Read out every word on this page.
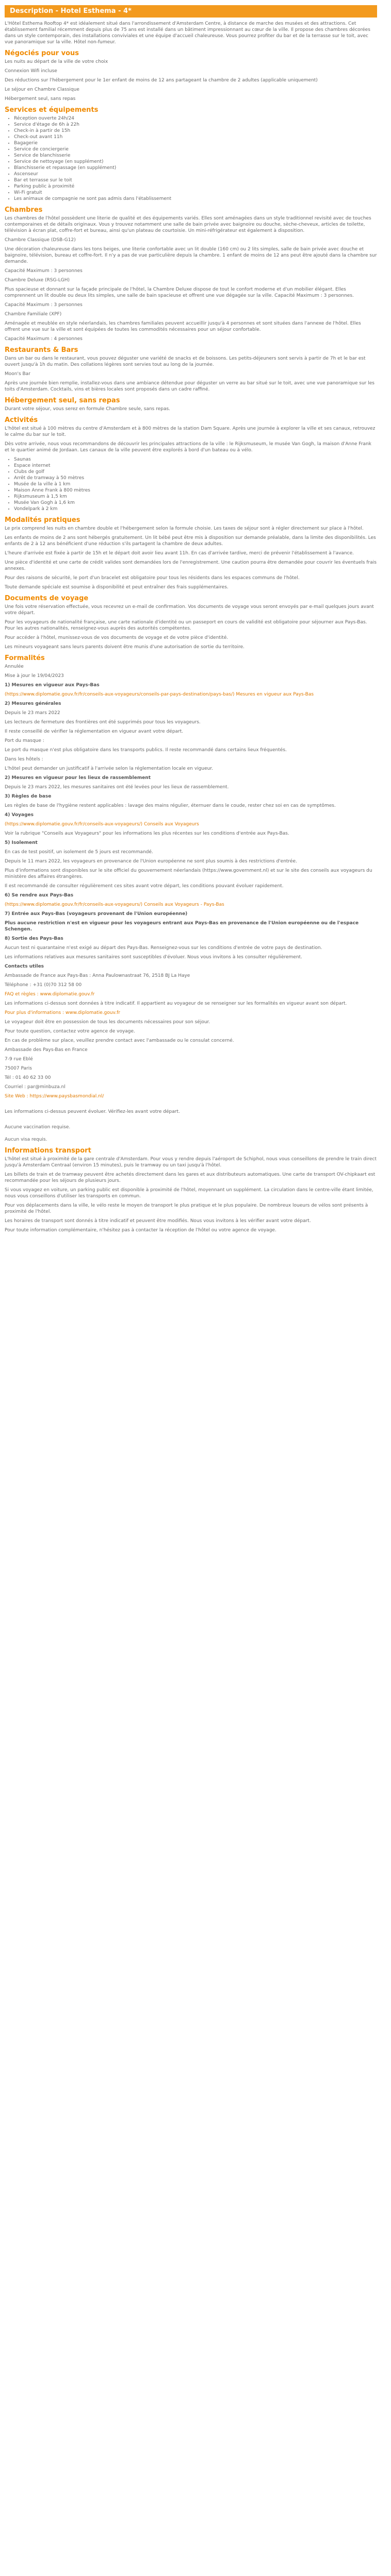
Description - Hotel Esthema - 4*

L'Hôtel Esthema Rooftop 4* est idéalement situé dans l'arrondissement d'Amsterdam Centre, à distance de marche des musées et des attractions. Cet établissement familial récemment depuis plus de 75 ans est installé dans un bâtiment impressionnant au cœur de la ville. Il propose des chambres décorées dans un style contemporain, des installations conviviales et une équipe d'accueil chaleureuse. Vous pourrez profiter du bar et de la terrasse sur le toit, avec vue panoramique sur la ville. Hôtel non-fumeur.

Négociés pour vous

Les nuits au départ de la ville de votre choix

Connexion Wifi incluse

Des réductions sur l'hébergement pour le 1er enfant de moins de 12 ans partageant la chambre de 2 adultes (applicable uniquement)

Le séjour en Chambre Classique

Hébergement seul, sans repas

Services et équipements
• Réception ouverte 24h/24
• Service d'étage de 6h à 22h
• Check-in à partir de 15h
• Check-out avant 11h
• Bagagerie
• Service de conciergerie
• Service de blanchisserie
• Service de nettoyage (en supplément)
• Blanchisserie et repassage (en supplément)
• Ascenseur
• Bar et terrasse sur le toit
• Parking public à proximité
• Wi-Fi gratuit
• Les animaux de compagnie ne sont pas admis dans l'établissement
Chambres

Les chambres de l'hôtel possèdent une literie de qualité et des équipements variés. Elles sont aménagées dans un style traditionnel revisité avec de touches contemporaines et de détails originaux. Vous y trouvez notamment une salle de bain privée avec baignoire ou douche, sèche-cheveux, articles de toilette, télévision à écran plat, coffre-fort et bureau, ainsi qu'un plateau de courtoisie. Un mini-réfrigérateur est également à disposition.

Chambre Classique (DSB-G12)

Une décoration chaleureuse dans les tons beiges, une literie confortable avec un lit double (160 cm) ou 2 lits simples, salle de bain privée avec douche et baignoire, télévision, bureau et coffre-fort. Il n'y a pas de vue particulière depuis la chambre. 1 enfant de moins de 12 ans peut être ajouté dans la chambre sur demande.

Capacité Maximum : 3 personnes

Chambre Deluxe (RSG-LGH)

Plus spacieuse et donnant sur la façade principale de l'hôtel, la Chambre Deluxe dispose de tout le confort moderne et d'un mobilier élégant. Elles comprennent un lit double ou deux lits simples, une salle de bain spacieuse et offrent une vue dégagée sur la ville. Capacité Maximum : 3 personnes.

Capacité Maximum : 3 personnes

Chambre Familiale (XPF)

Aménagée et meublée en style néerlandais, les chambres familiales peuvent accueillir jusqu'à 4 personnes et sont situées dans l'annexe de l'hôtel. Elles offrent une vue sur la ville et sont équipées de toutes les commodités nécessaires pour un séjour confortable.

Capacité Maximum : 4 personnes

Restaurants & Bars

Dans un bar ou dans le restaurant, vous pouvez déguster une variété de snacks et de boissons. Les petits-déjeuners sont servis à partir de 7h et le bar est ouvert jusqu'à 1h du matin. Des collations légères sont servies tout au long de la journée.

Moon's Bar

Après une journée bien remplie, installez-vous dans une ambiance détendue pour déguster un verre au bar situé sur le toit, avec une vue panoramique sur les toits d'Amsterdam. Cocktails, vins et bières locales sont proposés dans un cadre raffiné.

Hébergement seul, sans repas

Durant votre séjour, vous serez en formule Chambre seule, sans repas.

Activités

L'hôtel est situé à 100 mètres du centre d'Amsterdam et à 800 mètres de la station Dam Square. Après une journée à explorer la ville et ses canaux, retrouvez le calme du bar sur le toit.

Dès votre arrivée, nous vous recommandons de découvrir les principales attractions de la ville : le Rijksmuseum, le musée Van Gogh, la maison d'Anne Frank et le quartier animé de Jordaan. Les canaux de la ville peuvent être explorés à bord d'un bateau ou à vélo.

• Saunas
• Espace internet
• Clubs de golf
• Arrêt de tramway à 50 mètres
• Musée de la ville à 1 km
• Maison Anne Frank à 800 mètres
• Rijksmuseum à 1,5 km
• Musée Van Gogh à 1,6 km
• Vondelpark à 2 km
Modalités pratiques

Le prix comprend les nuits en chambre double et l'hébergement selon la formule choisie. Les taxes de séjour sont à régler directement sur place à l'hôtel.

Les enfants de moins de 2 ans sont hébergés gratuitement. Un lit bébé peut être mis à disposition sur demande préalable, dans la limite des disponibilités. Les enfants de 2 à 12 ans bénéficient d'une réduction s'ils partagent la chambre de deux adultes.

L'heure d'arrivée est fixée à partir de 15h et le départ doit avoir lieu avant 11h. En cas d'arrivée tardive, merci de prévenir l'établissement à l'avance.

Une pièce d'identité et une carte de crédit valides sont demandées lors de l'enregistrement. Une caution pourra être demandée pour couvrir les éventuels frais annexes.

Pour des raisons de sécurité, le port d'un bracelet est obligatoire pour tous les résidents dans les espaces communs de l'hôtel.

Toute demande spéciale est soumise à disponibilité et peut entraîner des frais supplémentaires.

Documents de voyage

Une fois votre réservation effectuée, vous recevrez un e-mail de confirmation. Vos documents de voyage vous seront envoyés par e-mail quelques jours avant votre départ.

Pour les voyageurs de nationalité française, une carte nationale d'identité ou un passeport en cours de validité est obligatoire pour séjourner aux Pays-Bas. Pour les autres nationalités, renseignez-vous auprès des autorités compétentes.

Pour accéder à l'hôtel, munissez-vous de vos documents de voyage et de votre pièce d'identité.

Les mineurs voyageant sans leurs parents doivent être munis d'une autorisation de sortie du territoire.

Formalités

Annulée

Mise à jour le 19/04/2023

1) Mesures en vigueur aux Pays-Bas

(https://www.diplomatie.gouv.fr/fr/conseils-aux-voyageurs/conseils-par-pays-destination/pays-bas/) Mesures en vigueur aux Pays-Bas

2) Mesures générales

Depuis le 23 mars 2022

Les lecteurs de fermeture des frontières ont été supprimés pour tous les voyageurs.

Il reste conseillé de vérifier la réglementation en vigueur avant votre départ.

Port du masque :

Le port du masque n'est plus obligatoire dans les transports publics. Il reste recommandé dans certains lieux fréquentés.

Dans les hôtels :

L'hôtel peut demander un justificatif à l'arrivée selon la réglementation locale en vigueur.

2) Mesures en vigueur pour les lieux de rassemblement

Depuis le 23 mars 2022, les mesures sanitaires ont été levées pour les lieux de rassemblement.

3) Règles de base

Les règles de base de l'hygiène restent applicables : lavage des mains régulier, éternuer dans le coude, rester chez soi en cas de symptômes.

4) Voyages

(https://www.diplomatie.gouv.fr/fr/conseils-aux-voyageurs/) Conseils aux Voyageurs

Voir la rubrique "Conseils aux Voyageurs" pour les informations les plus récentes sur les conditions d'entrée aux Pays-Bas.

5) Isolement

En cas de test positif, un isolement de 5 jours est recommandé.

Depuis le 11 mars 2022, les voyageurs en provenance de l'Union européenne ne sont plus soumis à des restrictions d'entrée.

Plus d'informations sont disponibles sur le site officiel du gouvernement néerlandais (https://www.government.nl) et sur le site des conseils aux voyageurs du ministère des affaires étrangères.

Il est recommandé de consulter régulièrement ces sites avant votre départ, les conditions pouvant évoluer rapidement.

6) Se rendre aux Pays-Bas

(https://www.diplomatie.gouv.fr/fr/conseils-aux-voyageurs/) Conseils aux Voyageurs - Pays-Bas

7) Entrée aux Pays-Bas (voyageurs provenant de l'Union européenne)

Plus aucune restriction n'est en vigueur pour les voyageurs entrant aux Pays-Bas en provenance de l'Union européenne ou de l'espace Schengen.

8) Sortie des Pays-Bas

Aucun test ni quarantaine n'est exigé au départ des Pays-Bas. Renseignez-vous sur les conditions d'entrée de votre pays de destination.

Les informations relatives aux mesures sanitaires sont susceptibles d'évoluer. Nous vous invitons à les consulter régulièrement.

Contacts utiles

Ambassade de France aux Pays-Bas : Anna Paulownastraat 76, 2518 BJ La Haye

Téléphone : +31 (0)70 312 58 00

FAQ et règles : www.diplomatie.gouv.fr

Les informations ci-dessus sont données à titre indicatif. Il appartient au voyageur de se renseigner sur les formalités en vigueur avant son départ.

Pour plus d'informations : www.diplomatie.gouv.fr

Le voyageur doit être en possession de tous les documents nécessaires pour son séjour.

Pour toute question, contactez votre agence de voyage.

En cas de problème sur place, veuillez prendre contact avec l'ambassade ou le consulat concerné.

Ambassade des Pays-Bas en France

7-9 rue Eblé

75007 Paris

Tél : 01 40 62 33 00

Courriel : par@minbuza.nl

Site Web : https://www.paysbasmondial.nl/

Les informations ci-dessus peuvent évoluer. Vérifiez-les avant votre départ.

Aucune vaccination requise.

Aucun visa requis.

Informations transport

L'hôtel est situé à proximité de la gare centrale d'Amsterdam. Pour vous y rendre depuis l'aéroport de Schiphol, nous vous conseillons de prendre le train direct jusqu'à Amsterdam Centraal (environ 15 minutes), puis le tramway ou un taxi jusqu'à l'hôtel.

Les billets de train et de tramway peuvent être achetés directement dans les gares et aux distributeurs automatiques. Une carte de transport OV-chipkaart est recommandée pour les séjours de plusieurs jours.

Si vous voyagez en voiture, un parking public est disponible à proximité de l'hôtel, moyennant un supplément. La circulation dans le centre-ville étant limitée, nous vous conseillons d'utiliser les transports en commun.

Pour vos déplacements dans la ville, le vélo reste le moyen de transport le plus pratique et le plus populaire. De nombreux loueurs de vélos sont présents à proximité de l'hôtel.

Les horaires de transport sont donnés à titre indicatif et peuvent être modifiés. Nous vous invitons à les vérifier avant votre départ.

Pour toute information complémentaire, n'hésitez pas à contacter la réception de l'hôtel ou votre agence de voyage.
